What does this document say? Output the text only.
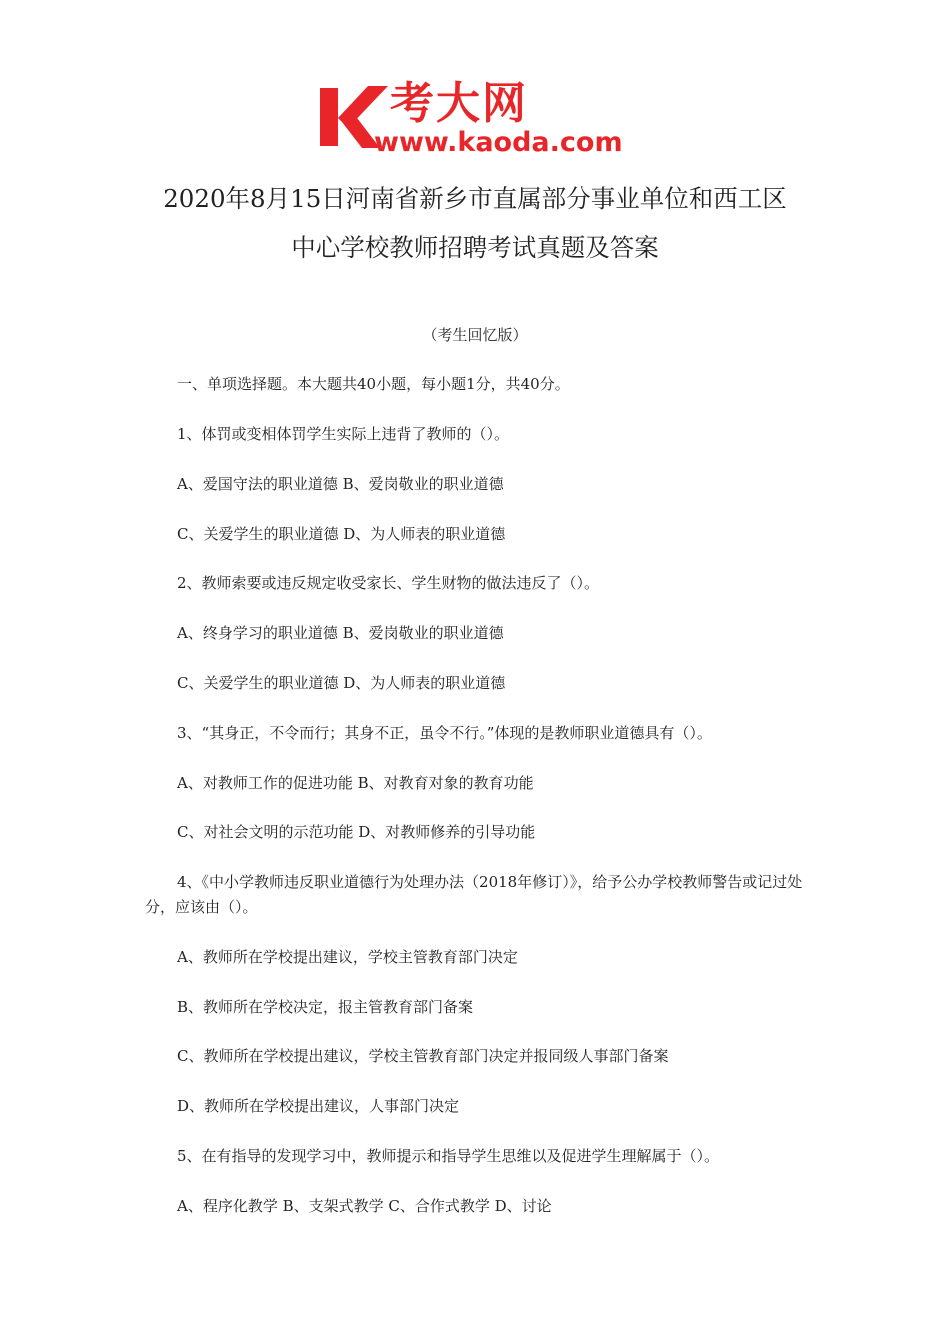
考大网
www.kaoda.com
2020年8月15日河南省新乡市直属部分事业单位和西工区
中心学校教师招聘考试真题及答案
（考生回忆版）
一、单项选择题。本大题共40小题，每小题1分，共40分。
1、体罚或变相体罚学生实际上违背了教师的（）。
A、爱国守法的职业道德 B、爱岗敬业的职业道德
C、关爱学生的职业道德 D、为人师表的职业道德
2、教师索要或违反规定收受家长、学生财物的做法违反了（）。
A、终身学习的职业道德 B、爱岗敬业的职业道德
C、关爱学生的职业道德 D、为人师表的职业道德
3、“其身正，不令而行；其身不正，虽令不行。”体现的是教师职业道德具有（）。
A、对教师工作的促进功能 B、对教育对象的教育功能
C、对社会文明的示范功能 D、对教师修养的引导功能
4、《中小学教师违反职业道德行为处理办法（2018年修订）》，给予公办学校教师警告或记过处分，应该由（）。
A、教师所在学校提出建议，学校主管教育部门决定
B、教师所在学校决定，报主管教育部门备案
C、教师所在学校提出建议，学校主管教育部门决定并报同级人事部门备案
D、教师所在学校提出建议，人事部门决定
5、在有指导的发现学习中，教师提示和指导学生思维以及促进学生理解属于（）。
A、程序化教学 B、支架式教学 C、合作式教学 D、讨论
